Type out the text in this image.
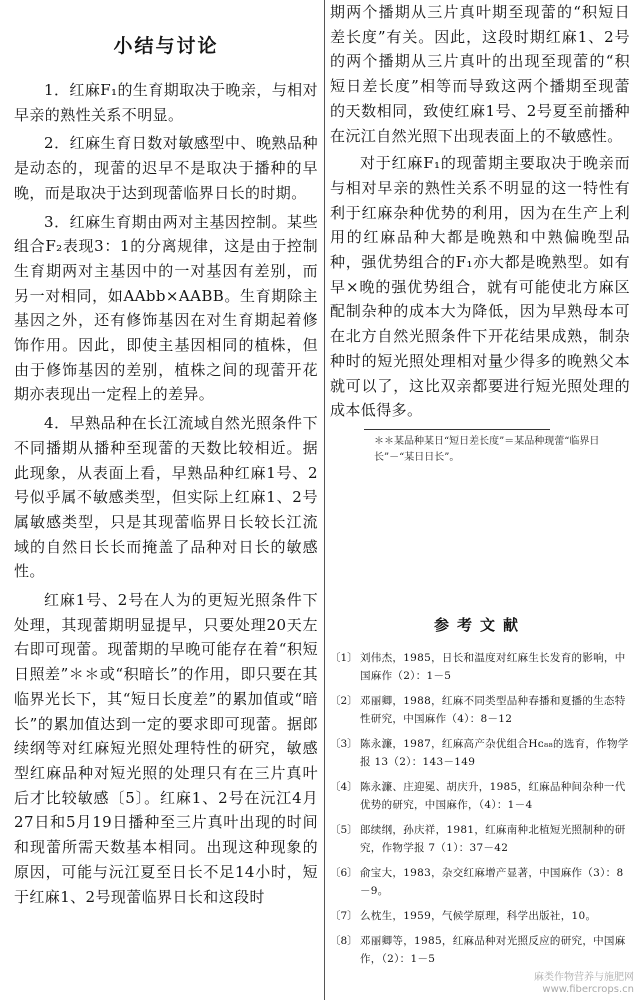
小结与讨论

1．红麻F₁的生育期取决于晚亲，与相对早亲的熟性关系不明显。

2．红麻生育日数对敏感型中、晚熟品种是动态的，现蕾的迟早不是取决于播种的早晚，而是取决于达到现蕾临界日长的时期。

3．红麻生育期由两对主基因控制。某些组合F₂表现3：1的分离规律，这是由于控制生育期两对主基因中的一对基因有差别，而另一对相同，如AAbb×AABB。生育期除主基因之外，还有修饰基因在对生育期起着修饰作用。因此，即使主基因相同的植株，但由于修饰基因的差别，植株之间的现蕾开花期亦表现出一定程上的差异。

4．早熟品种在长江流域自然光照条件下不同播期从播种至现蕾的天数比较相近。据此现象，从表面上看，早熟品种红麻1号、2号似乎属不敏感类型，但实际上红麻1、2号属敏感类型，只是其现蕾临界日长较长江流域的自然日长长而掩盖了品种对日长的敏感性。

红麻1号、2号在人为的更短光照条件下处理，其现蕾期明显提早，只要处理20天左右即可现蕾。现蕾期的早晚可能存在着“积短日照差”＊＊或“积暗长”的作用，即只要在其临界光长下，其“短日长度差”的累加值或“暗长”的累加值达到一定的要求即可现蕾。据郎续纲等对红麻短光照处理特性的研究，敏感型红麻品种对短光照的处理只有在三片真叶后才比较敏感〔5〕。红麻1、2号在沅江4月27日和5月19日播种至三片真叶出现的时间和现蕾所需天数基本相同。出现这种现象的原因，可能与沅江夏至日长不足14小时，短于红麻1、2号现蕾临界日长和这段时

期两个播期从三片真叶期至现蕾的“积短日差长度”有关。因此，这段时期红麻1、2号的两个播期从三片真叶的出现至现蕾的“积短日差长度”相等而导致这两个播期至现蕾的天数相同，致使红麻1号、2号夏至前播种在沅江自然光照下出现表面上的不敏感性。

对于红麻F₁的现蕾期主要取决于晚亲而与相对早亲的熟性关系不明显的这一特性有利于红麻杂种优势的利用，因为在生产上利用的红麻品种大都是晚熟和中熟偏晚型品种，强优势组合的F₁亦大都是晚熟型。如有早×晚的强优势组合，就有可能使北方麻区配制杂种的成本大为降低，因为早熟母本可在北方自然光照条件下开花结果成熟，制杂种时的短光照处理相对量少得多的晚熟父本就可以了，这比双亲都要进行短光照处理的成本低得多。

＊＊某品种某日“短日差长度”＝某品种现蕾“临界日长”－“某日日长”。
参考文献
〔1〕 刘伟杰，1985，日长和温度对红麻生长发育的影响，中国麻作（2）：1－5
〔2〕 邓丽卿，1988，红麻不同类型品种春播和夏播的生态特性研究，中国麻作（4）：8－12
〔3〕 陈永濂，1987，红麻高产杂优组合Hᴄ₈₈的选育，作物学报 13（2）：143－149
〔4〕 陈永濂、庄迎冕、胡庆升，1985，红麻品种间杂种一代优势的研究，中国麻作，（4）：1－4
〔5〕 郎续纲，孙庆祥，1981，红麻南种北植短光照制种的研究，作物学报 7（1）：37－42
〔6〕 俞宝大，1983，杂交红麻增产显著，中国麻作（3）：8－9。
〔7〕 么枕生，1959，气候学原理，科学出版社，10。
〔8〕 邓丽卿等，1985，红麻品种对光照反应的研究，中国麻作，（2）：1－5
麻类作物营养与施肥网
www.fibercrops.cn
